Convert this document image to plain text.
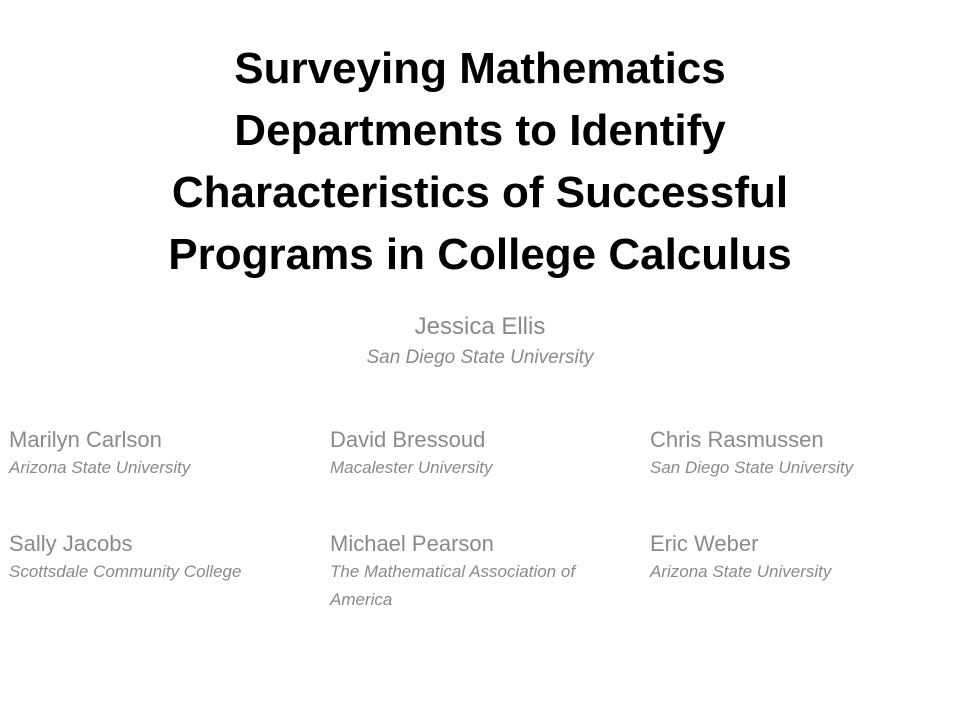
Surveying Mathematics
Departments to Identify
Characteristics of Successful
Programs in College Calculus
Jessica Ellis
San Diego State University
Marilyn Carlson
Arizona State University
David Bressoud
Macalester University
Chris Rasmussen
San Diego State University
Sally Jacobs
Scottsdale Community College
Michael Pearson
The Mathematical Association of America
Eric Weber
Arizona State University
